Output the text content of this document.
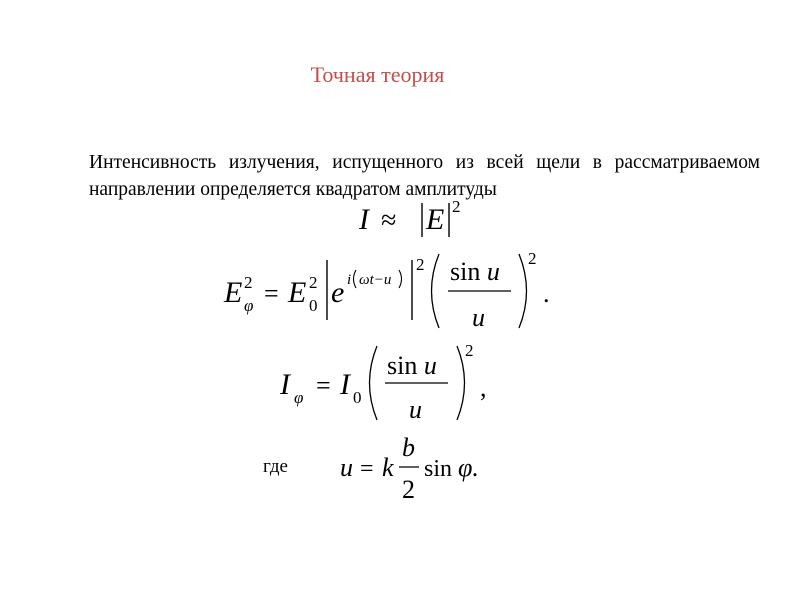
Точная теория

Интенсивность излучения, испущенного из всей щели в рассматриваемом направлении определяется квадратом амплитуды

I ≈ E 2
E 2
φ = E 2
0 e i ωt−u
2 sin u
u
2
.
I φ = I 0
sin u
u
2
,
где u = k
b
2
sin φ.
